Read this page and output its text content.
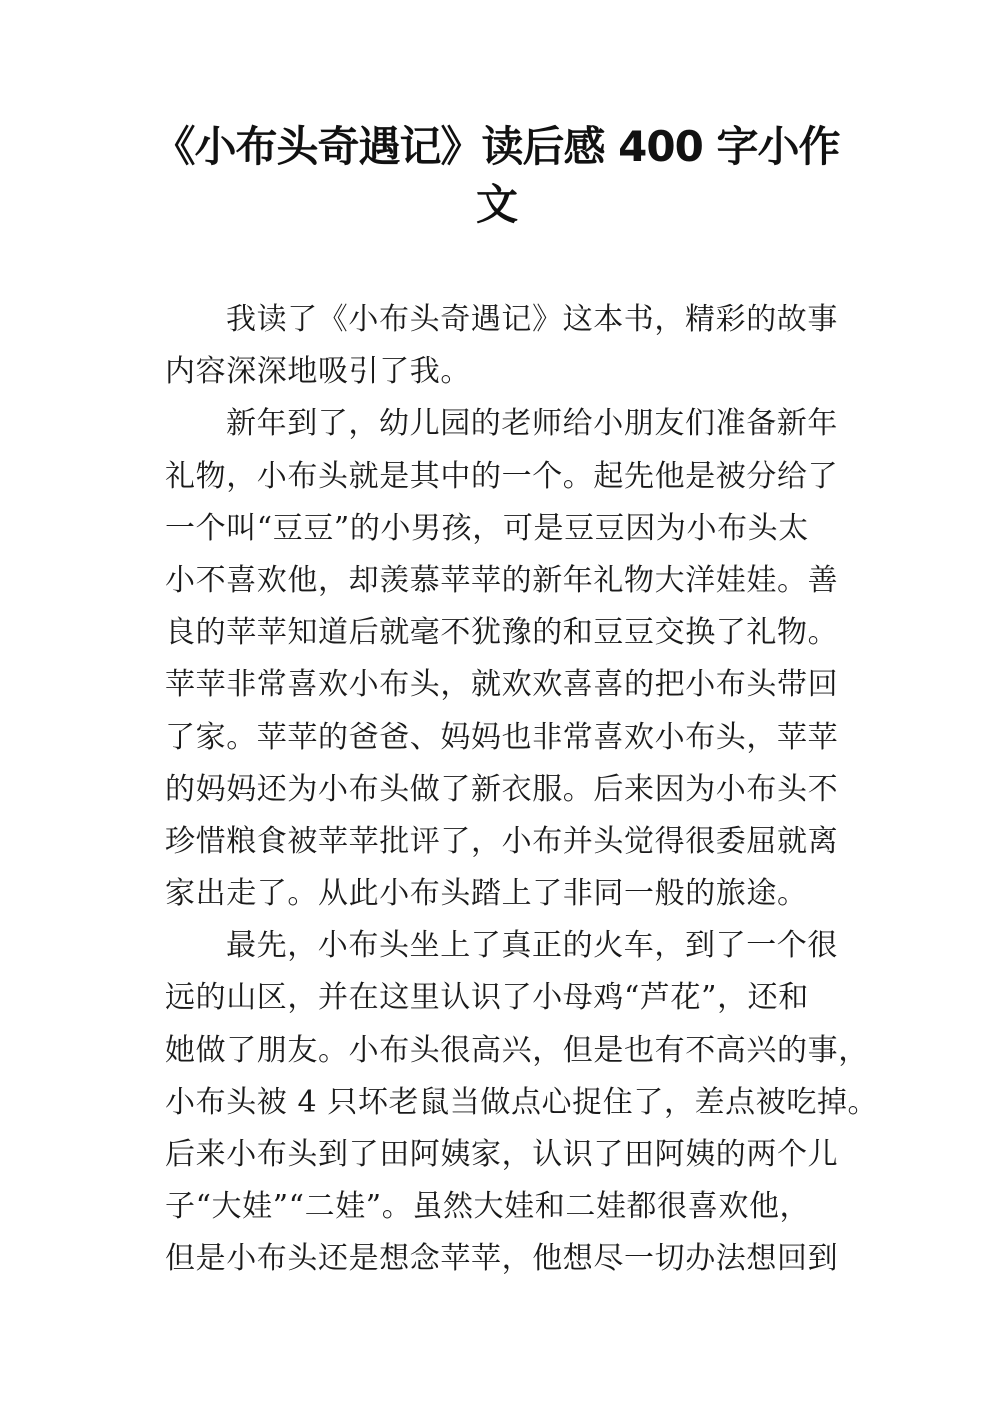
《小布头奇遇记》读后感 400 字小作
文
我读了《小布头奇遇记》这本书，精彩的故事
内容深深地吸引了我。
新年到了，幼儿园的老师给小朋友们准备新年
礼物，小布头就是其中的一个。起先他是被分给了
一个叫“豆豆”的小男孩，可是豆豆因为小布头太
小不喜欢他，却羡慕苹苹的新年礼物大洋娃娃。善
良的苹苹知道后就毫不犹豫的和豆豆交换了礼物。
苹苹非常喜欢小布头，就欢欢喜喜的把小布头带回
了家。苹苹的爸爸、妈妈也非常喜欢小布头，苹苹
的妈妈还为小布头做了新衣服。后来因为小布头不
珍惜粮食被苹苹批评了，小布并头觉得很委屈就离
家出走了。从此小布头踏上了非同一般的旅途。
最先，小布头坐上了真正的火车，到了一个很
远的山区，并在这里认识了小母鸡“芦花”，还和
她做了朋友。小布头很高兴，但是也有不高兴的事，
小布头被 4 只坏老鼠当做点心捉住了，差点被吃掉。
后来小布头到了田阿姨家，认识了田阿姨的两个儿
子“大娃”“二娃”。虽然大娃和二娃都很喜欢他，
但是小布头还是想念苹苹，他想尽一切办法想回到
